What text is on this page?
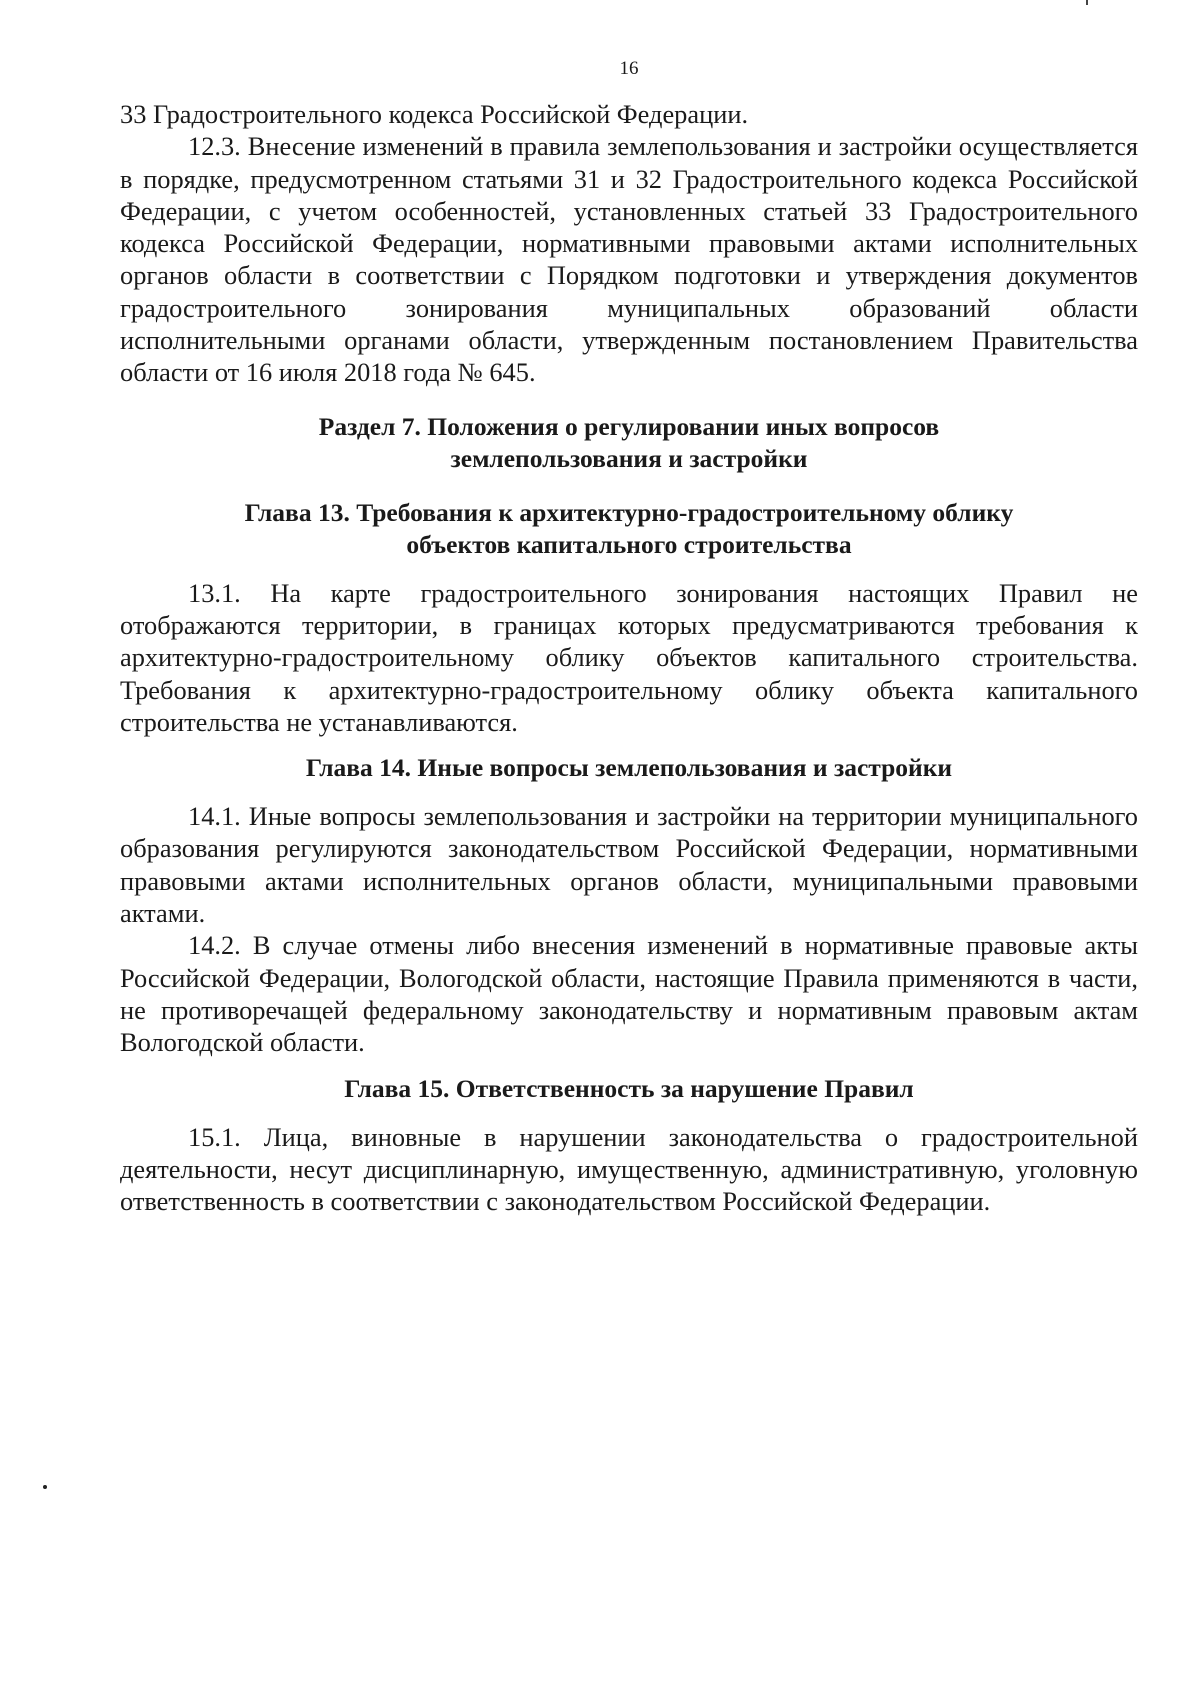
16

33 Градостроительного кодекса Российской Федерации.

12.3. Внесение изменений в правила землепользования и застройки осуществляется в порядке, предусмотренном статьями 31 и 32 Градостроительного кодекса Российской Федерации, с учетом особенностей, установленных статьей 33 Градостроительного кодекса Российской Федерации, нормативными правовыми актами исполнительных органов области в соответствии с Порядком подготовки и утверждения документов градостроительного зонирования муниципальных образований области исполнительными органами области, утвержденным постановлением Правительства области от 16 июля 2018 года № 645.

Раздел 7. Положения о регулировании иных вопросов
землепользования и застройки
Глава 13. Требования к архитектурно-градостроительному облику
объектов капитального строительства

13.1. На карте градостроительного зонирования настоящих Правил не отображаются территории, в границах которых предусматриваются требования к архитектурно-градостроительному облику объектов капитального строительства. Требования к архитектурно-градостроительному облику объекта капитального строительства не устанавливаются.

Глава 14. Иные вопросы землепользования и застройки

14.1. Иные вопросы землепользования и застройки на территории муниципального образования регулируются законодательством Российской Федерации, нормативными правовыми актами исполнительных органов области, муниципальными правовыми актами.

14.2. В случае отмены либо внесения изменений в нормативные правовые акты Российской Федерации, Вологодской области, настоящие Правила применяются в части, не противоречащей федеральному законодательству и нормативным правовым актам Вологодской области.

Глава 15. Ответственность за нарушение Правил

15.1. Лица, виновные в нарушении законодательства о градостроительной деятельности, несут дисциплинарную, имущественную, административную, уголовную ответственность в соответствии с законодательством Российской Федерации.
